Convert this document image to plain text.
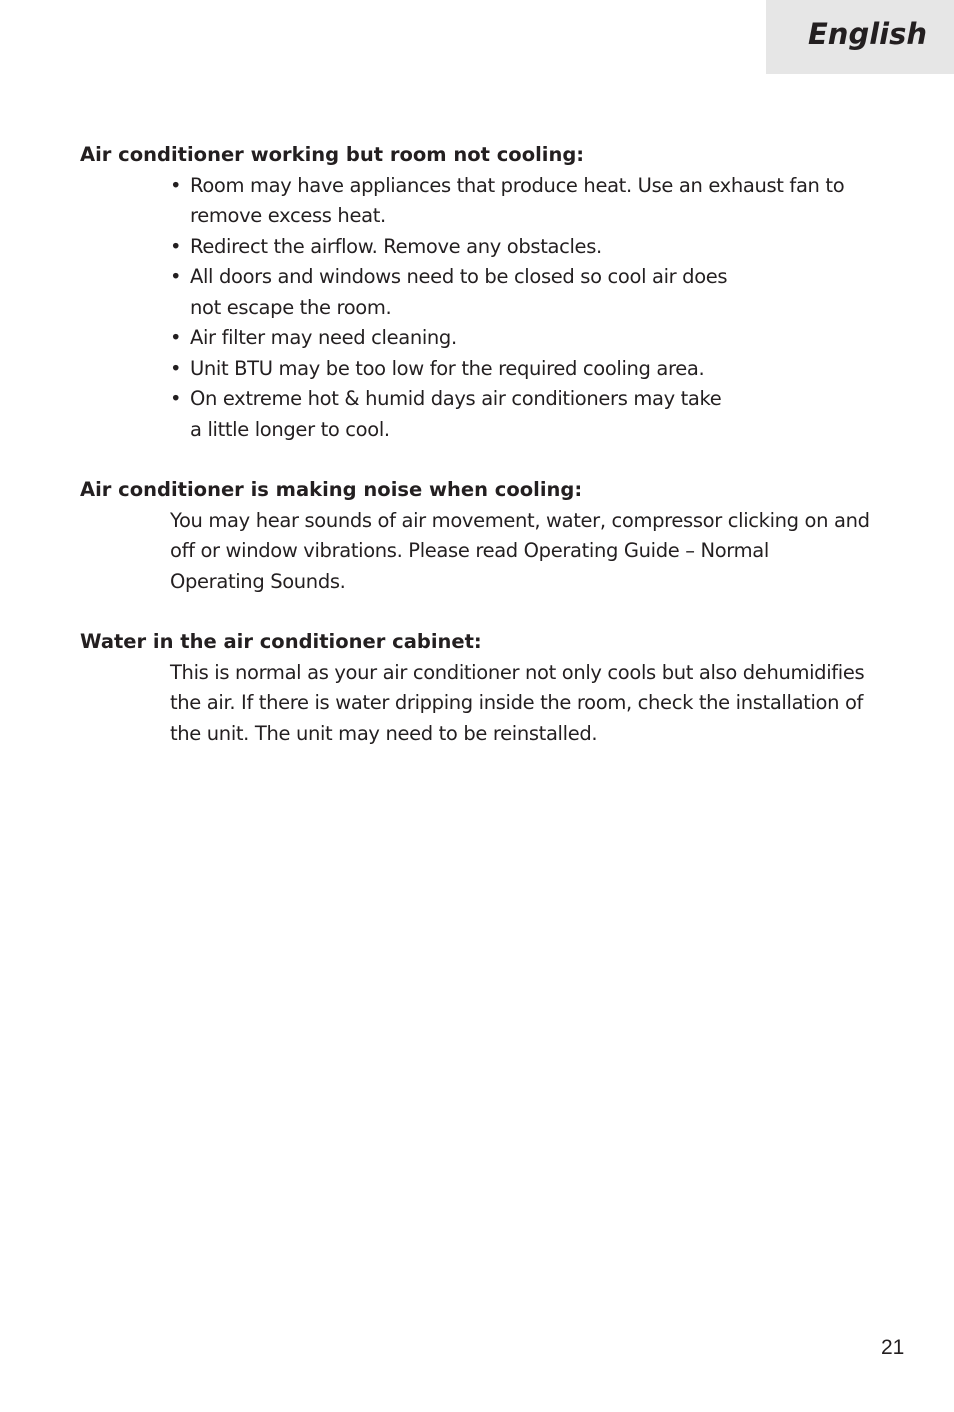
English
Air conditioner working but room not cooling:
• Room may have appliances that produce heat. Use an exhaust fan to
remove excess heat.
• Redirect the airflow. Remove any obstacles.
• All doors and windows need to be closed so cool air does
not escape the room.
• Air filter may need cleaning.
• Unit BTU may be too low for the required cooling area.
• On extreme hot & humid days air conditioners may take
a little longer to cool.
Air conditioner is making noise when cooling:

You may hear sounds of air movement, water, compressor clicking on and
off or window vibrations. Please read Operating Guide – Normal
Operating Sounds.

Water in the air conditioner cabinet:

This is normal as your air conditioner not only cools but also dehumidifies
the air. If there is water dripping inside the room, check the installation of
the unit. The unit may need to be reinstalled.

21
